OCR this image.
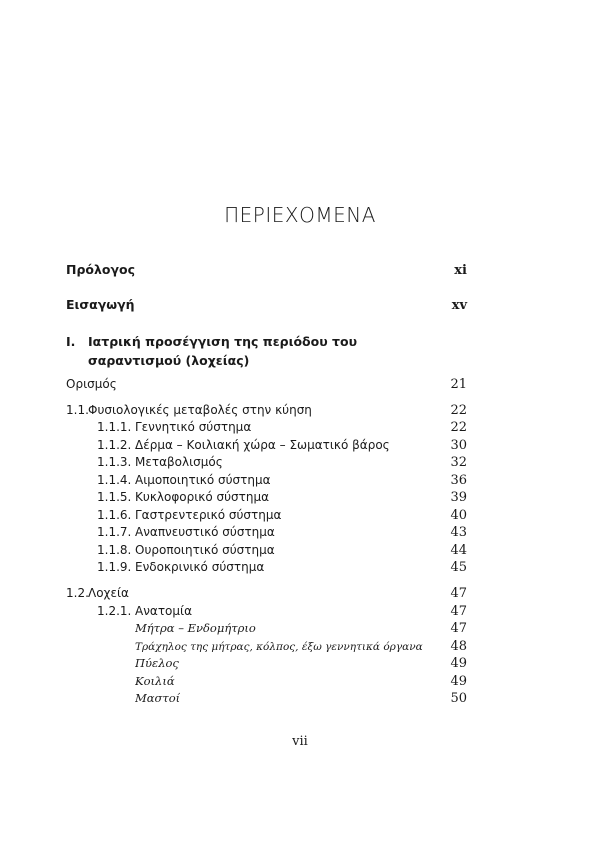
ΠΕΡΙΕΧΟΜΕΝΑ
Πρόλογος	xi
Εισαγωγή	xv
I. Ιατρική προσέγγιση της περιόδου του
σαραντισμού (λοχείας)
Ορισμός	21
1.1.Φυσιολογικές μεταβολές στην κύηση	22
1.1.1. Γεννητικό σύστημα	22
1.1.2. Δέρμα – Κοιλιακή χώρα – Σωματικό βάρος	30
1.1.3. Μεταβολισμός	32
1.1.4. Αιμοποιητικό σύστημα	36
1.1.5. Κυκλοφορικό σύστημα	39
1.1.6. Γαστρεντερικό σύστημα	40
1.1.7. Αναπνευστικό σύστημα	43
1.1.8. Ουροποιητικό σύστημα	44
1.1.9. Ενδοκρινικό σύστημα	45
1.2.Λοχεία	47
1.2.1. Ανατομία	47
Μήτρα – Ενδομήτριο	47
Τράχηλος της μήτρας, κόλπος, έξω γεννητικά όργανα 48
Πύελος	49
Κοιλιά	49
Μαστοί	50
vii
